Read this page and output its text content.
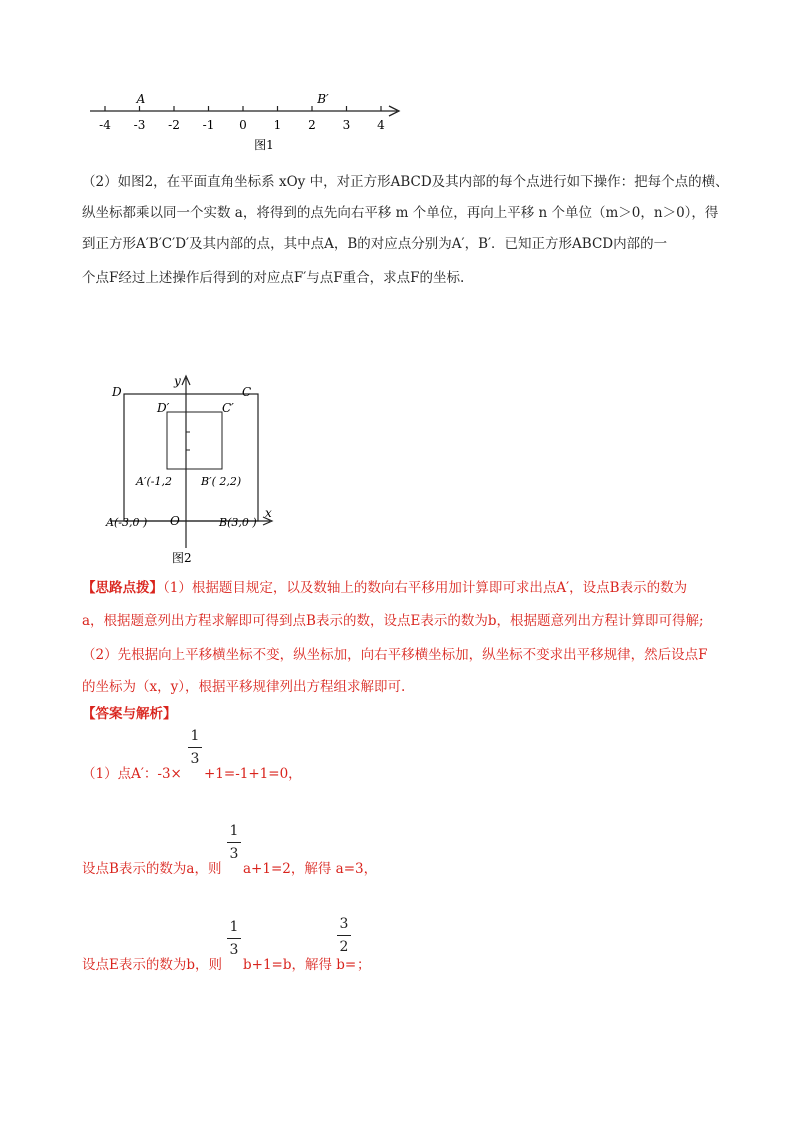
-4 -3 -2 -1 0 1 2 3 4
A	B′
图1
（2）如图2，在平面直角坐标系 xOy 中，对正方形ABCD及其内部的每个点进行如下操作：把每个点的横、
纵坐标都乘以同一个实数 a，将得到的点先向右平移 m 个单位，再向上平移 n 个单位（m＞0，n＞0），得
到正方形A′B′C′D′及其内部的点，其中点A，B的对应点分别为A′，B′．已知正方形ABCD内部的一
个点F经过上述操作后得到的对应点F′与点F重合，求点F的坐标.
y
x
O
D	C
D′	C′
A′(-1,2	B′( 2,2)
A(-3,0 )	B(3,0 )
图2
【思路点拨】（1）根据题目规定，以及数轴上的数向右平移用加计算即可求出点A′，设点B表示的数为
a，根据题意列出方程求解即可得到点B表示的数，设点E表示的数为b，根据题意列出方程计算即可得解;
（2）先根据向上平移横坐标不变，纵坐标加，向右平移横坐标加，纵坐标不变求出平移规律，然后设点F
的坐标为（x，y），根据平移规律列出方程组求解即可.
【答案与解析】
1
3
（1）点A′：-3× +1=-1+1=0，
1
3
设点B表示的数为a，则 a+1=2，解得 a=3，
1
3
3
2
设点E表示的数为b，则 b+1=b，解得 b= ；
